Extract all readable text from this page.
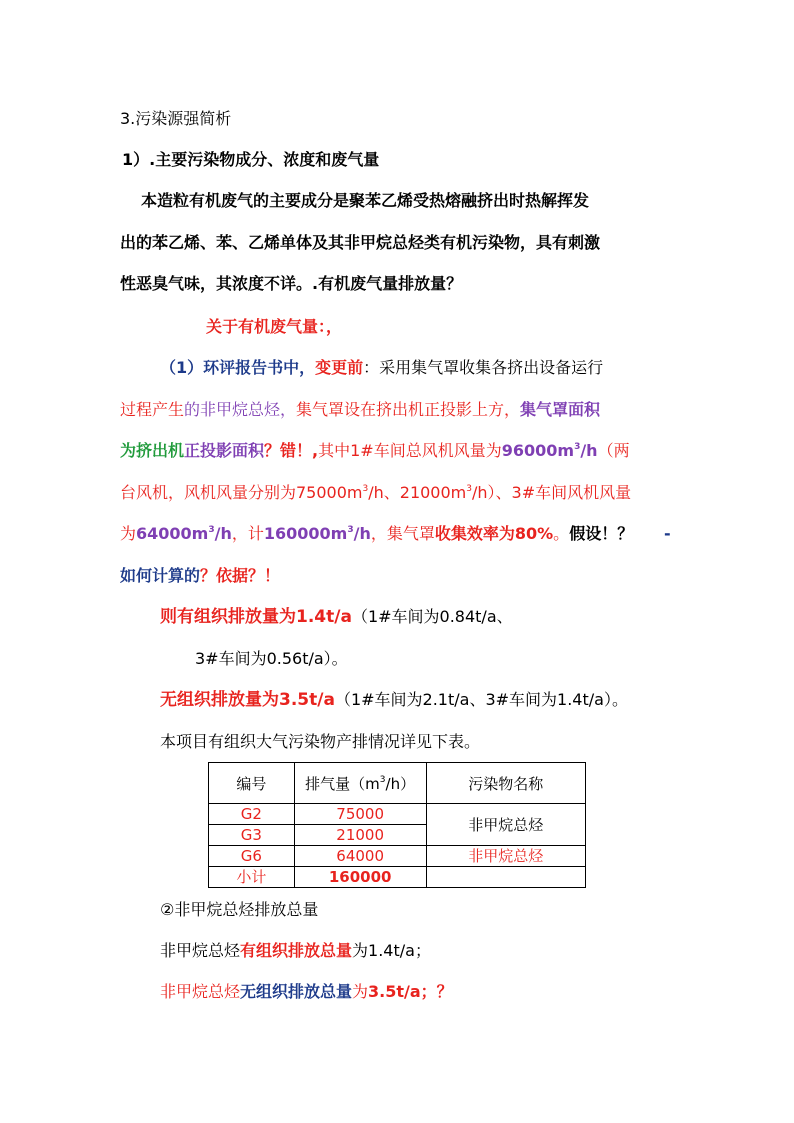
3.污染源强简析
1）.主要污染物成分、浓度和废气量
本造粒有机废气的主要成分是聚苯乙烯受热熔融挤出时热解挥发
出的苯乙烯、苯、乙烯单体及其非甲烷总烃类有机污染物，具有刺激
性恶臭气味，其浓度不详。.有机废气量排放量？
关于有机废气量：，
（1）环评报告书中，变更前：采用集气罩收集各挤出设备运行
过程产生的非甲烷总烃，集气罩设在挤出机正投影上方，集气罩面积
为挤出机正投影面积？错！,其中1#车间总风机风量为$96000m^3/h$（两
台风机，风机风量分别为$75000m^3/h$、$21000m^3/h$）、3#车间风机风量
为$64000m^3/h$，计$160000m^3/h$，集气罩收集效率为80%。假设！？ -
如何计算的？依据？！
则有组织排放量为1.4t/a（1#车间为0.84t/a、
3#车间为0.56t/a）。
无组织排放量为3.5t/a（1#车间为2.1t/a、3#车间为1.4t/a）。
本项目有组织大气污染物产排情况详见下表。
编号	排气量$(m^3/h)$	污染物名称
G2	75000	非甲烷总烃
G3	21000	
G6	64000	非甲烷总烃
小计	160000	
②非甲烷总烃排放总量
非甲烷总烃有组织排放总量为1.4t/a；
非甲烷总烃无组织排放总量为3.5t/a；？
